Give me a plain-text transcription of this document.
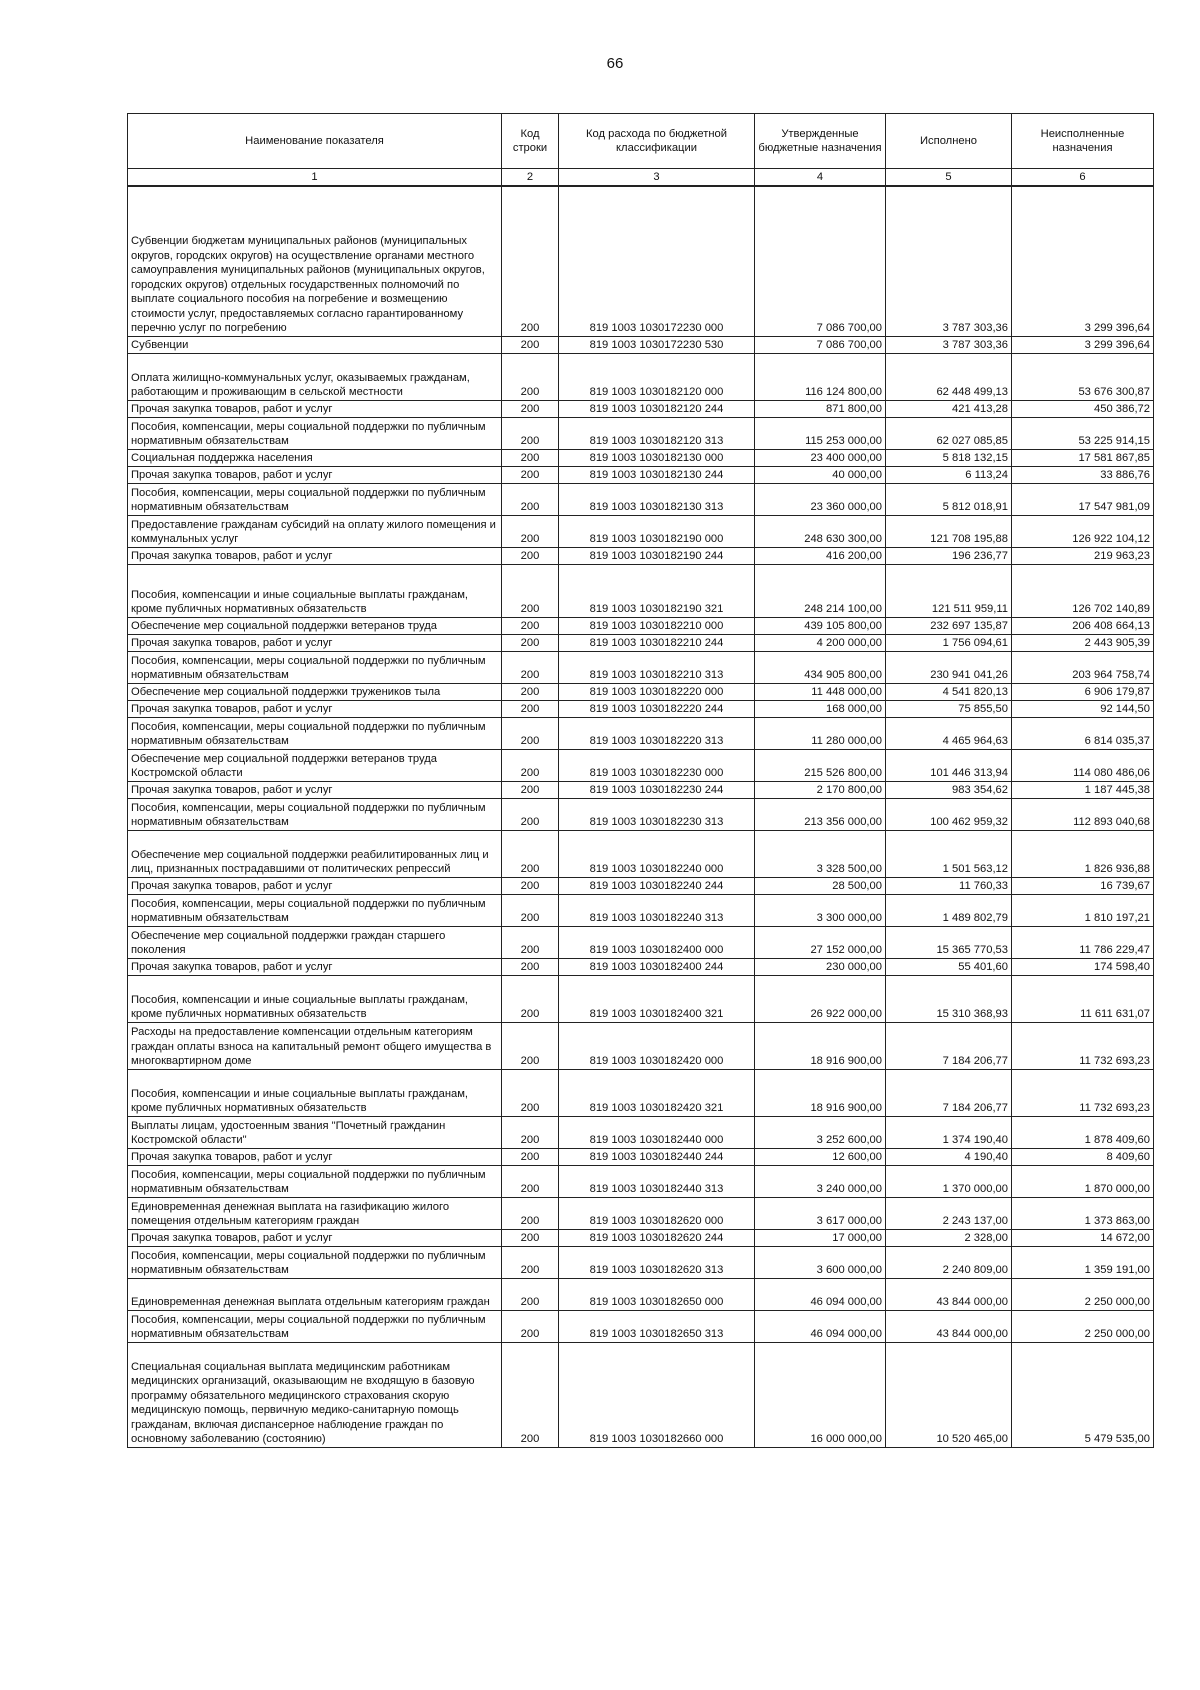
66
Наименование показателя	Код строки	Код расхода по бюджетной классификации	Утвержденные бюджетные назначения	Исполнено	Неисполненные назначения
1	2	3	4	5	6
Субвенции бюджетам муниципальных районов (муниципальных округов, городских округов) на осуществление органами местного самоуправления муниципальных районов (муниципальных округов, городских округов) отдельных государственных полномочий по выплате социального пособия на погребение и возмещению стоимости услуг, предоставляемых согласно гарантированному перечню услуг по погребению	200	819 1003 1030172230 000	7 086 700,00	3 787 303,36	3 299 396,64
Субвенции	200	819 1003 1030172230 530	7 086 700,00	3 787 303,36	3 299 396,64
Оплата жилищно-коммунальных услуг, оказываемых гражданам, работающим и проживающим в сельской местности	200	819 1003 1030182120 000	116 124 800,00	62 448 499,13	53 676 300,87
Прочая закупка товаров, работ и услуг	200	819 1003 1030182120 244	871 800,00	421 413,28	450 386,72
Пособия, компенсации, меры социальной поддержки по публичным нормативным обязательствам	200	819 1003 1030182120 313	115 253 000,00	62 027 085,85	53 225 914,15
Социальная поддержка населения	200	819 1003 1030182130 000	23 400 000,00	5 818 132,15	17 581 867,85
Прочая закупка товаров, работ и услуг	200	819 1003 1030182130 244	40 000,00	6 113,24	33 886,76
Пособия, компенсации, меры социальной поддержки по публичным нормативным обязательствам	200	819 1003 1030182130 313	23 360 000,00	5 812 018,91	17 547 981,09
Предоставление гражданам субсидий на оплату жилого помещения и коммунальных услуг	200	819 1003 1030182190 000	248 630 300,00	121 708 195,88	126 922 104,12
Прочая закупка товаров, работ и услуг	200	819 1003 1030182190 244	416 200,00	196 236,77	219 963,23
Пособия, компенсации и иные социальные выплаты гражданам, кроме публичных нормативных обязательств	200	819 1003 1030182190 321	248 214 100,00	121 511 959,11	126 702 140,89
Обеспечение мер социальной поддержки ветеранов труда	200	819 1003 1030182210 000	439 105 800,00	232 697 135,87	206 408 664,13
Прочая закупка товаров, работ и услуг	200	819 1003 1030182210 244	4 200 000,00	1 756 094,61	2 443 905,39
Пособия, компенсации, меры социальной поддержки по публичным нормативным обязательствам	200	819 1003 1030182210 313	434 905 800,00	230 941 041,26	203 964 758,74
Обеспечение мер социальной поддержки тружеников тыла	200	819 1003 1030182220 000	11 448 000,00	4 541 820,13	6 906 179,87
Прочая закупка товаров, работ и услуг	200	819 1003 1030182220 244	168 000,00	75 855,50	92 144,50
Пособия, компенсации, меры социальной поддержки по публичным нормативным обязательствам	200	819 1003 1030182220 313	11 280 000,00	4 465 964,63	6 814 035,37
Обеспечение мер социальной поддержки ветеранов труда Костромской области	200	819 1003 1030182230 000	215 526 800,00	101 446 313,94	114 080 486,06
Прочая закупка товаров, работ и услуг	200	819 1003 1030182230 244	2 170 800,00	983 354,62	1 187 445,38
Пособия, компенсации, меры социальной поддержки по публичным нормативным обязательствам	200	819 1003 1030182230 313	213 356 000,00	100 462 959,32	112 893 040,68
Обеспечение мер социальной поддержки реабилитированных лиц и лиц, признанных пострадавшими от политических репрессий	200	819 1003 1030182240 000	3 328 500,00	1 501 563,12	1 826 936,88
Прочая закупка товаров, работ и услуг	200	819 1003 1030182240 244	28 500,00	11 760,33	16 739,67
Пособия, компенсации, меры социальной поддержки по публичным нормативным обязательствам	200	819 1003 1030182240 313	3 300 000,00	1 489 802,79	1 810 197,21
Обеспечение мер социальной поддержки граждан старшего поколения	200	819 1003 1030182400 000	27 152 000,00	15 365 770,53	11 786 229,47
Прочая закупка товаров, работ и услуг	200	819 1003 1030182400 244	230 000,00	55 401,60	174 598,40
Пособия, компенсации и иные социальные выплаты гражданам, кроме публичных нормативных обязательств	200	819 1003 1030182400 321	26 922 000,00	15 310 368,93	11 611 631,07
Расходы на предоставление компенсации отдельным категориям граждан оплаты взноса на капитальный ремонт общего имущества в многоквартирном доме	200	819 1003 1030182420 000	18 916 900,00	7 184 206,77	11 732 693,23
Пособия, компенсации и иные социальные выплаты гражданам, кроме публичных нормативных обязательств	200	819 1003 1030182420 321	18 916 900,00	7 184 206,77	11 732 693,23
Выплаты лицам, удостоенным звания "Почетный гражданин Костромской области"	200	819 1003 1030182440 000	3 252 600,00	1 374 190,40	1 878 409,60
Прочая закупка товаров, работ и услуг	200	819 1003 1030182440 244	12 600,00	4 190,40	8 409,60
Пособия, компенсации, меры социальной поддержки по публичным нормативным обязательствам	200	819 1003 1030182440 313	3 240 000,00	1 370 000,00	1 870 000,00
Единовременная денежная выплата на газификацию жилого помещения отдельным категориям граждан	200	819 1003 1030182620 000	3 617 000,00	2 243 137,00	1 373 863,00
Прочая закупка товаров, работ и услуг	200	819 1003 1030182620 244	17 000,00	2 328,00	14 672,00
Пособия, компенсации, меры социальной поддержки по публичным нормативным обязательствам	200	819 1003 1030182620 313	3 600 000,00	2 240 809,00	1 359 191,00
Единовременная денежная выплата отдельным категориям граждан	200	819 1003 1030182650 000	46 094 000,00	43 844 000,00	2 250 000,00
Пособия, компенсации, меры социальной поддержки по публичным нормативным обязательствам	200	819 1003 1030182650 313	46 094 000,00	43 844 000,00	2 250 000,00
Специальная социальная выплата медицинским работникам медицинских организаций, оказывающим не входящую в базовую программу обязательного медицинского страхования скорую медицинскую помощь, первичную медико-санитарную помощь гражданам, включая диспансерное наблюдение граждан по основному заболеванию (состоянию)	200	819 1003 1030182660 000	16 000 000,00	10 520 465,00	5 479 535,00
